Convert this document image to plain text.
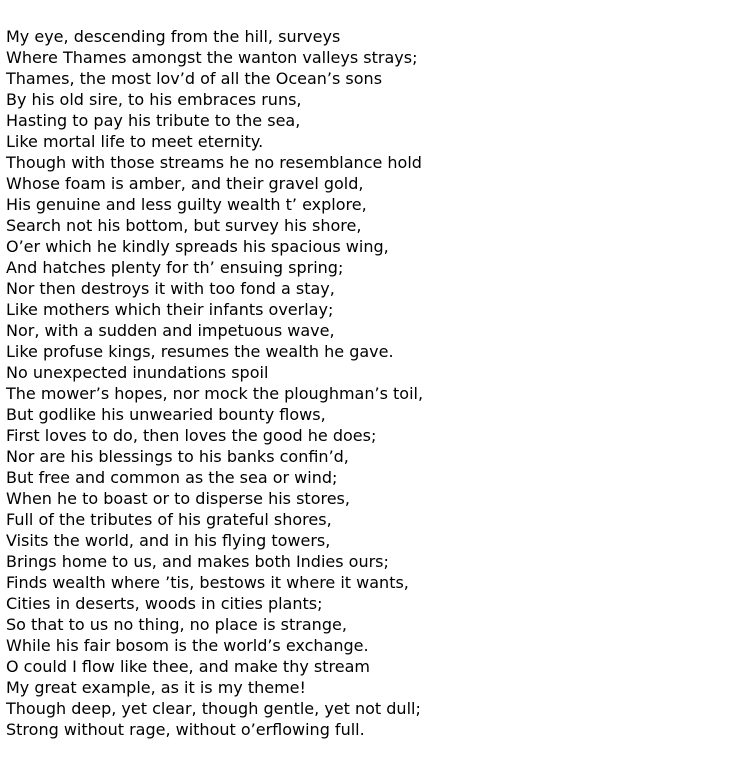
My eye, descending from the hill, surveys
Where Thames amongst the wanton valleys strays;
Thames, the most lov’d of all the Ocean’s sons
By his old sire, to his embraces runs,
Hasting to pay his tribute to the sea,
Like mortal life to meet eternity.
Though with those streams he no resemblance hold
Whose foam is amber, and their gravel gold,
His genuine and less guilty wealth t’ explore,
Search not his bottom, but survey his shore,
O’er which he kindly spreads his spacious wing,
And hatches plenty for th’ ensuing spring;
Nor then destroys it with too fond a stay,
Like mothers which their infants overlay;
Nor, with a sudden and impetuous wave,
Like profuse kings, resumes the wealth he gave.
No unexpected inundations spoil
The mower’s hopes, nor mock the ploughman’s toil,
But godlike his unwearied bounty flows,
First loves to do, then loves the good he does;
Nor are his blessings to his banks confin’d,
But free and common as the sea or wind;
When he to boast or to disperse his stores,
Full of the tributes of his grateful shores,
Visits the world, and in his flying towers,
Brings home to us, and makes both Indies ours;
Finds wealth where ’tis, bestows it where it wants,
Cities in deserts, woods in cities plants;
So that to us no thing, no place is strange,
While his fair bosom is the world’s exchange.
O could I flow like thee, and make thy stream
My great example, as it is my theme!
Though deep, yet clear, though gentle, yet not dull;
Strong without rage, without o’erflowing full.
